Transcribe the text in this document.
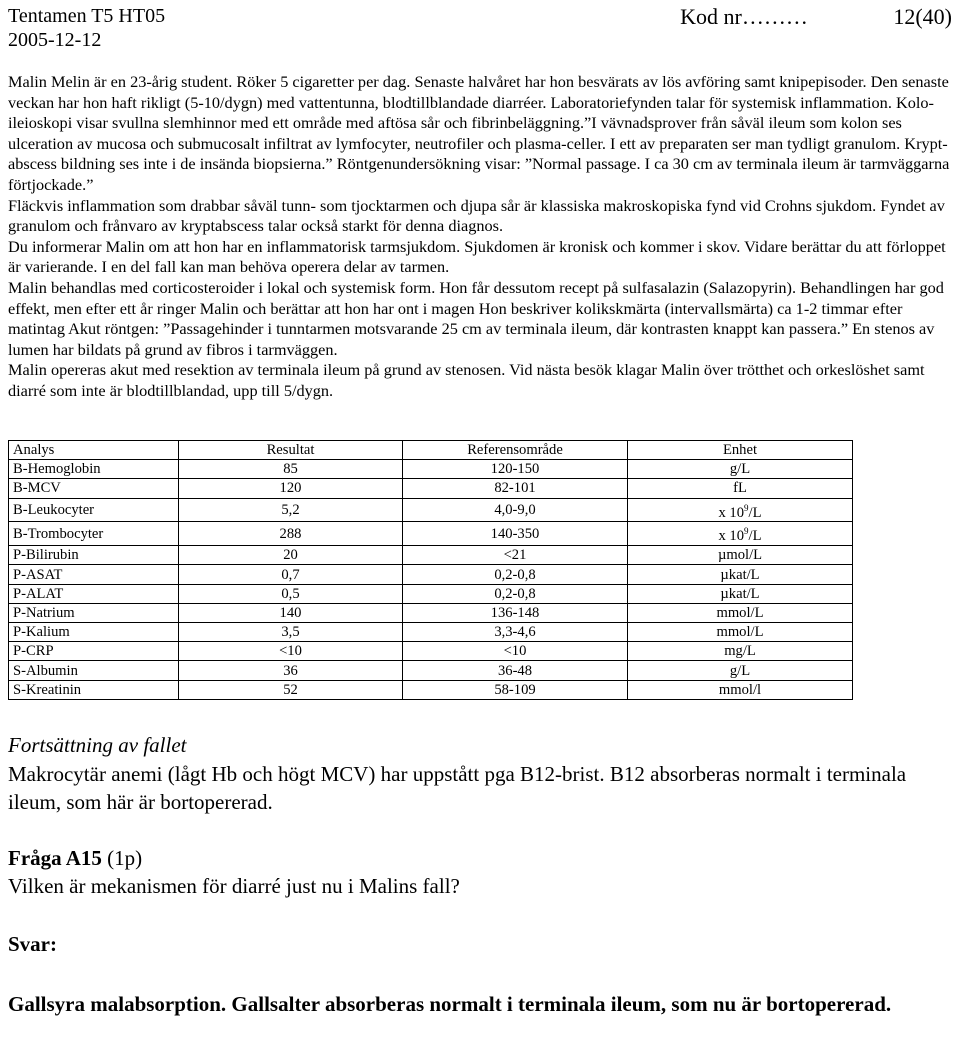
Tentamen T5 HT05
2005-12-12
Kod nr………	12(40)

Malin Melin är en 23-årig student. Röker 5 cigaretter per dag. Senaste halvåret har hon besvärats av lös avföring samt knipepisoder. Den senaste veckan har hon haft rikligt (5-10/dygn) med vattentunna, blodtillblandade diarréer. Laboratoriefynden talar för systemisk inflammation. Kolo-ileioskopi visar svullna slemhinnor med ett område med aftösa sår och fibrinbeläggning.”I vävnadsprover från såväl ileum som kolon ses ulceration av mucosa och submucosalt infiltrat av lymfocyter, neutrofiler och plasma-celler. I ett av preparaten ser man tydligt granulom. Krypt-abscess bildning ses inte i de insända biopsierna.” Röntgenundersökning visar: ”Normal passage. I ca 30 cm av terminala ileum är tarmväggarna förtjockade.”

Fläckvis inflammation som drabbar såväl tunn- som tjocktarmen och djupa sår är klassiska makroskopiska fynd vid Crohns sjukdom. Fyndet av granulom och frånvaro av kryptabscess talar också starkt för denna diagnos.

Du informerar Malin om att hon har en inflammatorisk tarmsjukdom. Sjukdomen är kronisk och kommer i skov. Vidare berättar du att förloppet är varierande. I en del fall kan man behöva operera delar av tarmen.

Malin behandlas med corticosteroider i lokal och systemisk form. Hon får dessutom recept på sulfasalazin (Salazopyrin). Behandlingen har god effekt, men efter ett år ringer Malin och berättar att hon har ont i magen Hon beskriver kolikskmärta (intervallsmärta) ca 1-2 timmar efter matintag Akut röntgen: ”Passagehinder i tunntarmen motsvarande 25 cm av terminala ileum, där kontrasten knappt kan passera.” En stenos av lumen har bildats på grund av fibros i tarmväggen.

Malin opereras akut med resektion av terminala ileum på grund av stenosen. Vid nästa besök klagar Malin över trötthet och orkeslöshet samt diarré som inte är blodtillblandad, upp till 5/dygn.

Analys	Resultat	Referensområde	Enhet
B-Hemoglobin	85	120-150	g/L
B-MCV	120	82-101	fL
B-Leukocyter	5,2	4,0-9,0	x $10^9/L$
B-Trombocyter	288	140-350	x $10^9/L$
P-Bilirubin	20	<21	µmol/L
P-ASAT	0,7	0,2-0,8	µkat/L
P-ALAT	0,5	0,2-0,8	µkat/L
P-Natrium	140	136-148	mmol/L
P-Kalium	3,5	3,3-4,6	mmol/L
P-CRP	<10	<10	mg/L
S-Albumin	36	36-48	g/L
S-Kreatinin	52	58-109	mmol/l
Fortsättning av fallet
Makrocytär anemi (lågt Hb och högt MCV) har uppstått pga B12-brist. B12 absorberas normalt i terminala ileum, som här är bortopererad.
Fråga A15 (1p)
Vilken är mekanismen för diarré just nu i Malins fall?
Svar:
Gallsyra malabsorption. Gallsalter absorberas normalt i terminala ileum, som nu är bortopererad.
